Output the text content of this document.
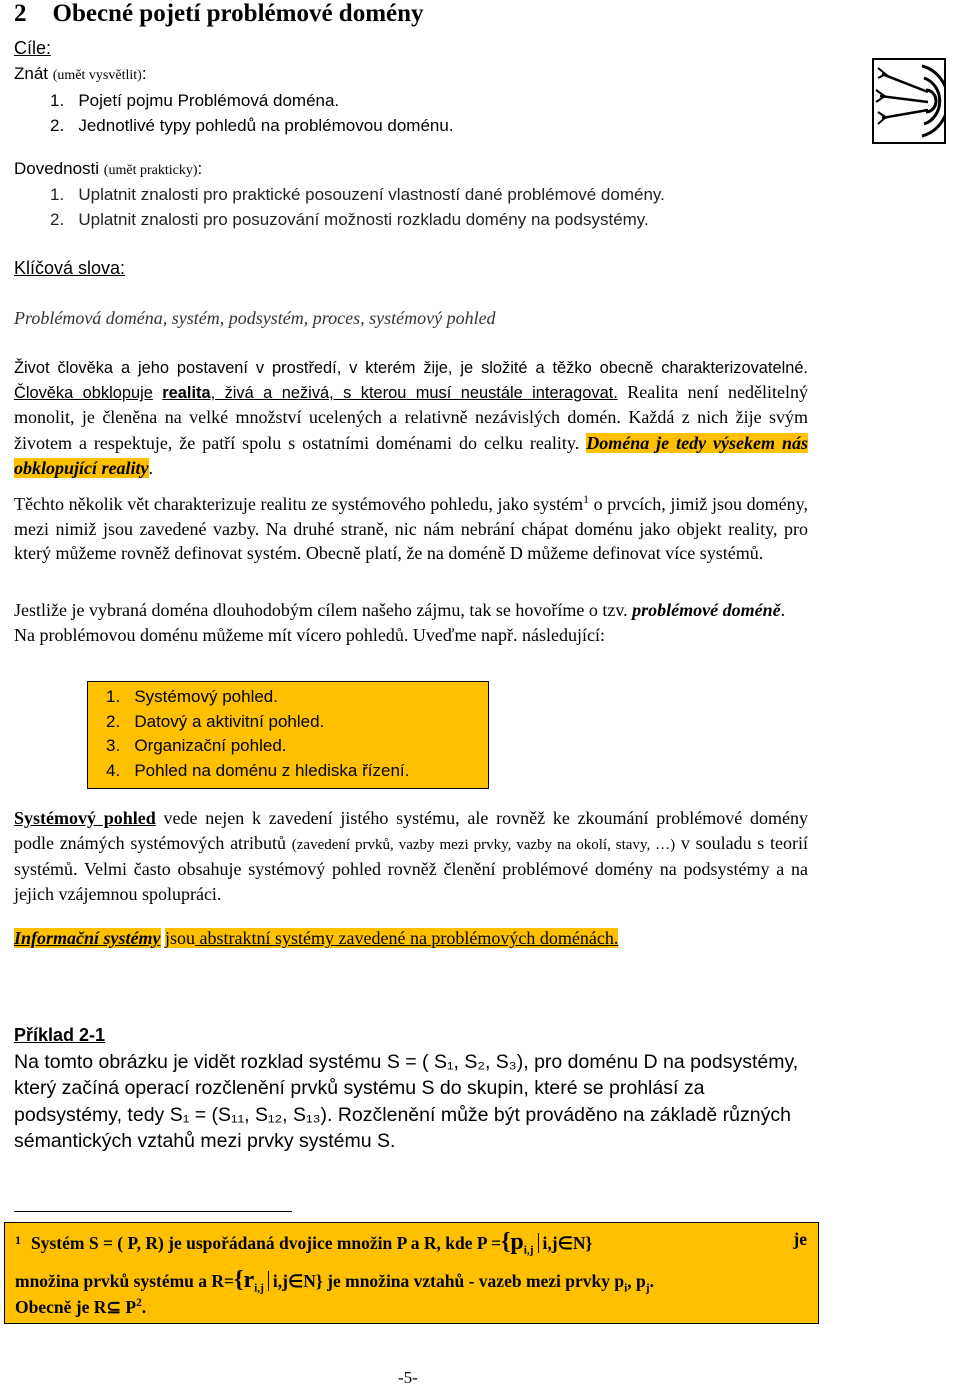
2 Obecné pojetí problémové domény
Cíle:
Znát (umět vysvětlit):
1.   Pojetí pojmu Problémová doména.
2.   Jednotlivé typy pohledů na problémovou doménu.
Dovednosti (umět prakticky):
1.   Uplatnit znalosti pro praktické posouzení vlastností dané problémové domény.
2.   Uplatnit znalosti pro posuzování možnosti rozkladu domény na podsystémy.
Klíčová slova:
Problémová doména, systém, podsystém, proces, systémový pohled
Život člověka a jeho postavení v prostředí, v kterém žije, je složité a těžko obecně charakterizovatelné. Člověka obklopuje realita, živá a neživá, s kterou musí neustále interagovat. Realita není nedělitelný monolit, je členěna na velké množství ucelených a relativně nezávislých domén. Každá z nich žije svým životem a respektuje, že patří spolu s ostatními doménami do celku reality. Doména je tedy výsekem nás obklopující reality.
Těchto několik vět charakterizuje realitu ze systémového pohledu, jako systém$^1$ o prvcích, jimiž jsou domény, mezi nimiž jsou zavedené vazby. Na druhé straně, nic nám nebrání chápat doménu jako objekt reality, pro který můžeme rovněž definovat systém. Obecně platí, že na doméně D můžeme definovat více systémů.
Jestliže je vybraná doména dlouhodobým cílem našeho zájmu, tak se hovoříme o tzv. problémové doméně.
Na problémovou doménu můžeme mít vícero pohledů. Uveďme např. následující:
1.   Systémový pohled.
2.   Datový a aktivitní pohled.
3.   Organizační pohled.
4.   Pohled na doménu z hlediska řízení.
Systémový pohled vede nejen k zavedení jistého systému, ale rovněž ke zkoumání problémové domény podle známých systémových atributů (zavedení prvků, vazby mezi prvky, vazby na okolí, stavy, …) v souladu s teorií systémů. Velmi často obsahuje systémový pohled rovněž členění problémové domény na podsystémy a na jejich vzájemnou spolupráci.
Informační systémy jsou abstraktní systémy zavedené na problémových doménách.
Příklad 2-1
Na tomto obrázku je vidět rozklad systému S = ( S₁, S₂, S₃), pro doménu D na podsystémy, který začíná operací rozčlenění prvků systému S do skupin, které se prohlásí za podsystémy, tedy S₁ = (S₁₁, S₁₂, S₁₃). Rozčlenění může být prováděno na základě různých sémantických vztahů mezi prvky systému S.
1 Systém S = ( P, R) je uspořádaná dvojice množin P a R, kde $P =\{p_{i,j}$ i,j∈N}	je
množina prvků systému a $R=\{r_{i,j}$ i,j∈N} je množina vztahů - vazeb mezi prvky $p_i$, $p_j$.
Obecně je R⊆ $P^2$.
-5-
